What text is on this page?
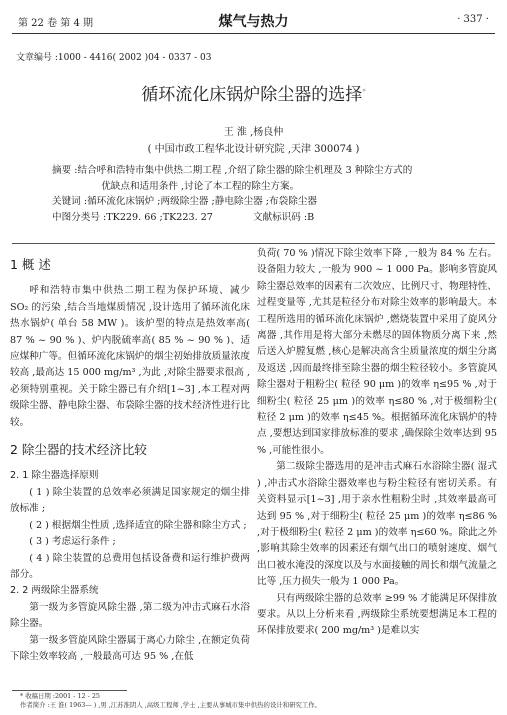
第 22 卷 第 4 期	煤气与热力	· 337 ·
文章编号 :1000 - 4416( 2002 )04 - 0337 - 03
循环流化床锅炉除尘器的选择*
王 淮 ,杨良仲
( 中国市政工程华北设计研究院 ,天津 300074 )

摘要 :结合呼和浩特市集中供热二期工程 ,介绍了除尘器的除尘机理及 3 种除尘方式的

优缺点和适用条件 ,讨论了本工程的除尘方案。

关键词 :循环流化床锅炉 ;两级除尘器 ;静电除尘器 ;布袋除尘器

中图分类号 :TK229. 66 ;TK223. 27	文献标识码 :B

1 概 述

呼和浩特市集中供热二期工程为保护环境、减少 SO₂ 的污染 ,结合当地煤质情况 ,设计选用了循环流化床热水锅炉( 单台 58 MW )。该炉型的特点是热效率高( 87 % ~ 90 % )、炉内脱硫率高( 85 % ~ 90 % )、适应煤种广等。但循环流化床锅炉的烟尘初始排放质量浓度较高 ,最高达 15 000 mg/m³ ,为此 ,对除尘器要求很高 ,必须特别重视。关于除尘器已有介绍[1~3] ,本工程对两级除尘器、静电除尘器、布袋除尘器的技术经济性进行比较。

2 除尘器的技术经济比较

2. 1 除尘器选择原则

( 1 ) 除尘装置的总效率必须满足国家规定的烟尘排放标准 ;

( 2 ) 根据烟尘性质 ,选择适宜的除尘器和除尘方式 ;

( 3 ) 考虑运行条件 ;

( 4 ) 除尘装置的总费用包括设备费和运行维护费两部分。

2. 2 两级除尘器系统

第一级为多管旋风除尘器 ,第二级为冲击式麻石水浴除尘器。

第一级多管旋风除尘器属于离心力除尘 ,在额定负荷下除尘效率较高 ,一般最高可达 95 % ,在低

负荷( 70 % )情况下除尘效率下降 ,一般为 84 % 左右。设备阻力较大 ,一般为 900 ~ 1 000 Pa。影响多管旋风除尘器总效率的因素有二次效应、比例尺寸、物理特性、过程变量等 ,尤其是粒径分布对除尘效率的影响最大。本工程所选用的循环流化床锅炉 ,燃烧装置中采用了旋风分离器 ,其作用是将大部分未燃尽的固体物质分离下来 ,然后送入炉膛复燃 ,核心是解决高含尘质量浓度的烟尘分离及返送 ,因而最终排至除尘器的烟尘粒径较小。多管旋风除尘器对于粗粉尘( 粒径 90 μm )的效率 η≤95 % ,对于细粉尘( 粒径 25 μm )的效率 η≤80 % ,对于极细粉尘( 粒径 2 μm )的效率 η≤45 %。根据循环流化床锅炉的特点 ,要想达到国家排放标准的要求 ,确保除尘效率达到 95 % ,可能性很小。

第二级除尘器选用的是冲击式麻石水浴除尘器( 湿式 ) ,冲击式水浴除尘器效率也与粉尘粒径有密切关系。有关资料显示[1~3] ,用于亲水性粗粉尘时 ,其效率最高可达到 95 % ,对于细粉尘( 粒径 25 μm )的效率 η≤86 % ,对于极细粉尘( 粒径 2 μm )的效率 η≤60 %。除此之外 ,影响其除尘效率的因素还有烟气出口的喷射速度、烟气出口被水淹没的深度以及与水面接触的周长和烟气流量之比等 ,压力损失一般为 1 000 Pa。

只有两级除尘器的总效率 ≥99 % 才能满足环保排放要求。从以上分析来看 ,两级除尘系统要想满足本工程的环保排放要求( 200 mg/m³ )是难以实

* 收稿日期 :2001 - 12 - 25
作者简介 :王 淮( 1963— ) ,男 ,江苏淮阴人 ,高级工程师 ,学士 ,主要从事城市集中供热的设计和研究工作。
